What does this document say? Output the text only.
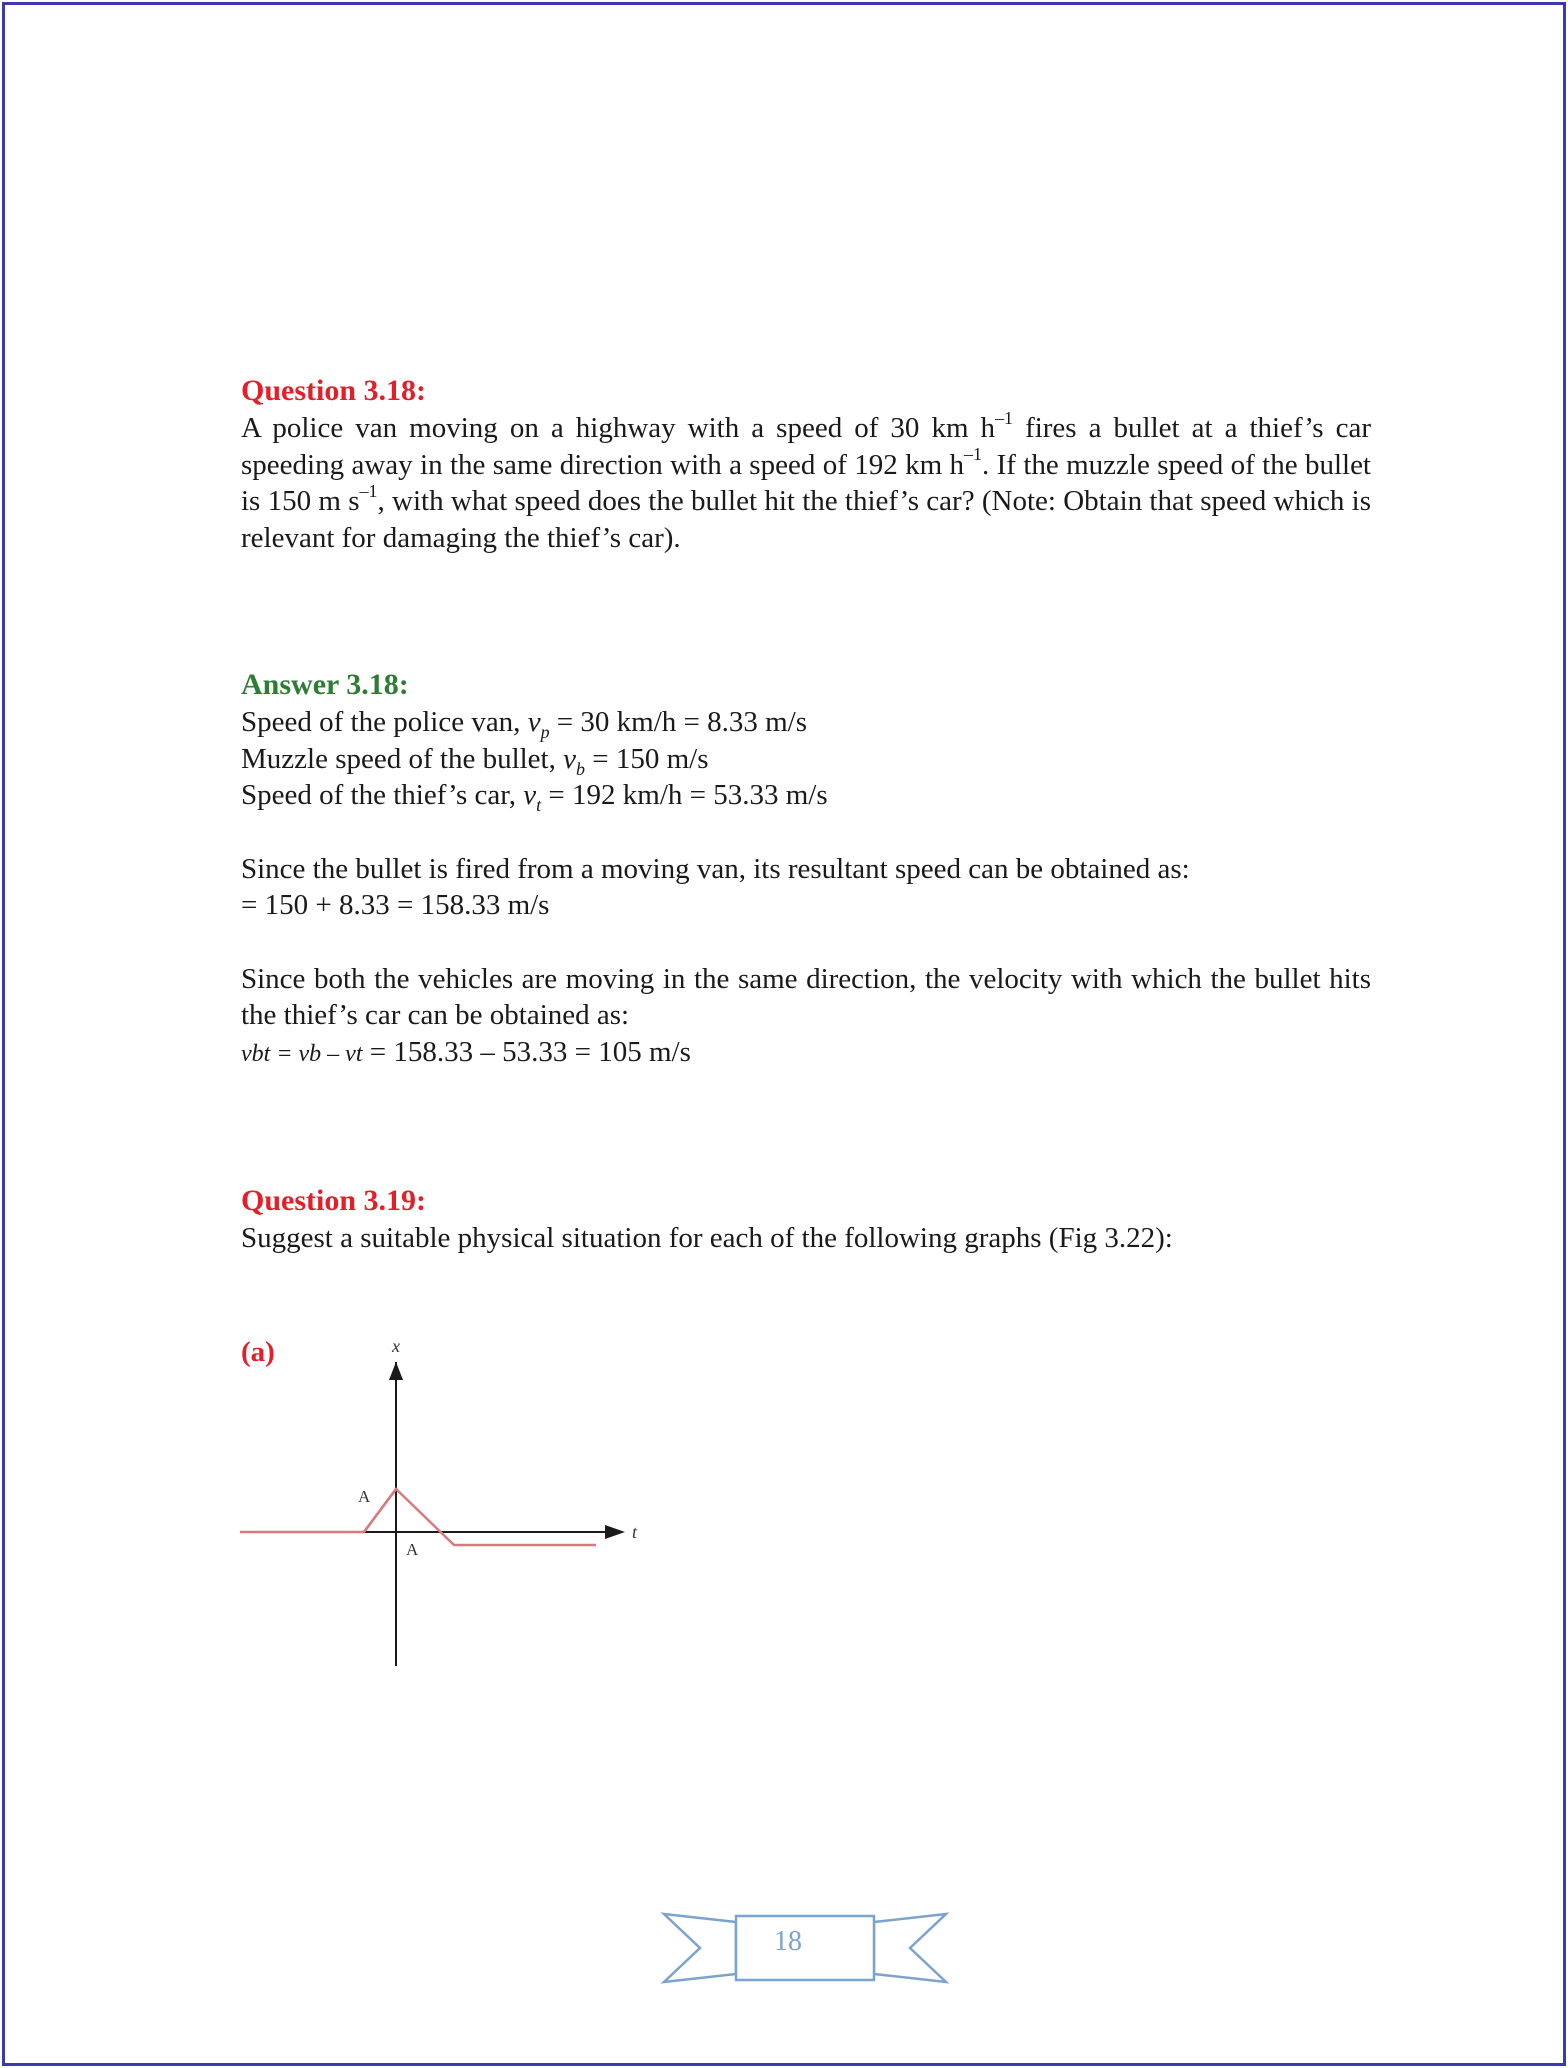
Question 3.18:

A police van moving on a highway with a speed of 30 km $h^{-1}$ fires a bullet at a thief’s car speeding away in the same direction with a speed of 192 km $h^{-1}$. If the muzzle speed of the bullet is 150 m $s^{-1}$, with what speed does the bullet hit the thief’s car? (Note: Obtain that speed which is relevant for damaging the thief’s car).

Answer 3.18:

Speed of the police van, $v_p = 30$ km/h = 8.33 m/s

Muzzle speed of the bullet, $v_b = 150$ m/s

Speed of the thief’s car, $v_t = 192$ km/h = 53.33 m/s

Since the bullet is fired from a moving van, its resultant speed can be obtained as:

= 150 + 8.33 = 158.33 m/s

Since both the vehicles are moving in the same direction, the velocity with which the bullet hits the thief’s car can be obtained as:

vbt = vb – vt = 158.33 – 53.33 = 105 m/s

Question 3.19:

Suggest a suitable physical situation for each of the following graphs (Fig 3.22):

(a)	x
t
A
A
18
